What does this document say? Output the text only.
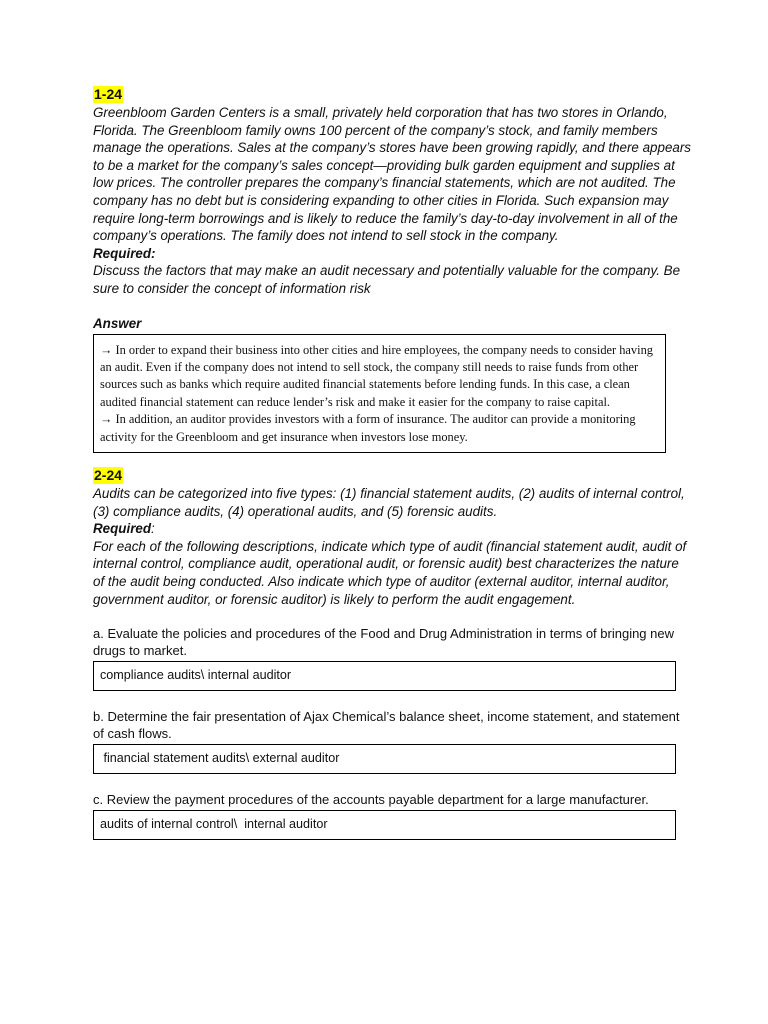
1-24
Greenbloom Garden Centers is a small, privately held corporation that has two stores in Orlando, Florida. The Greenbloom family owns 100 percent of the company’s stock, and family members manage the operations. Sales at the company’s stores have been growing rapidly, and there appears to be a market for the company’s sales concept—providing bulk garden equipment and supplies at low prices. The controller prepares the company’s financial statements, which are not audited. The company has no debt but is considering expanding to other cities in Florida. Such expansion may require long-term borrowings and is likely to reduce the family’s day-to-day involvement in all of the company’s operations. The family does not intend to sell stock in the company.
Required:
Discuss the factors that may make an audit necessary and potentially valuable for the company. Be sure to consider the concept of information risk
Answer

→ In order to expand their business into other cities and hire employees, the company needs to consider having an audit. Even if the company does not intend to sell stock, the company still needs to raise funds from other sources such as banks which require audited financial statements before lending funds. In this case, a clean audited financial statement can reduce lender’s risk and make it easier for the company to raise capital.

→ In addition, an auditor provides investors with a form of insurance. The auditor can provide a monitoring activity for the Greenbloom and get insurance when investors lose money.

2-24
Audits can be categorized into five types: (1) financial statement audits, (2) audits of internal control, (3) compliance audits, (4) operational audits, and (5) forensic audits.
Required:
For each of the following descriptions, indicate which type of audit (financial statement audit, audit of internal control, compliance audit, operational audit, or forensic audit) best characterizes the nature of the audit being conducted. Also indicate which type of auditor (external auditor, internal auditor, government auditor, or forensic auditor) is likely to perform the audit engagement.
a. Evaluate the policies and procedures of the Food and Drug Administration in terms of bringing new drugs to market.
compliance audits\ internal auditor
b. Determine the fair presentation of Ajax Chemical’s balance sheet, income statement, and statement of cash flows.
financial statement audits\ external auditor
c. Review the payment procedures of the accounts payable department for a large manufacturer.
audits of internal control\  internal auditor
